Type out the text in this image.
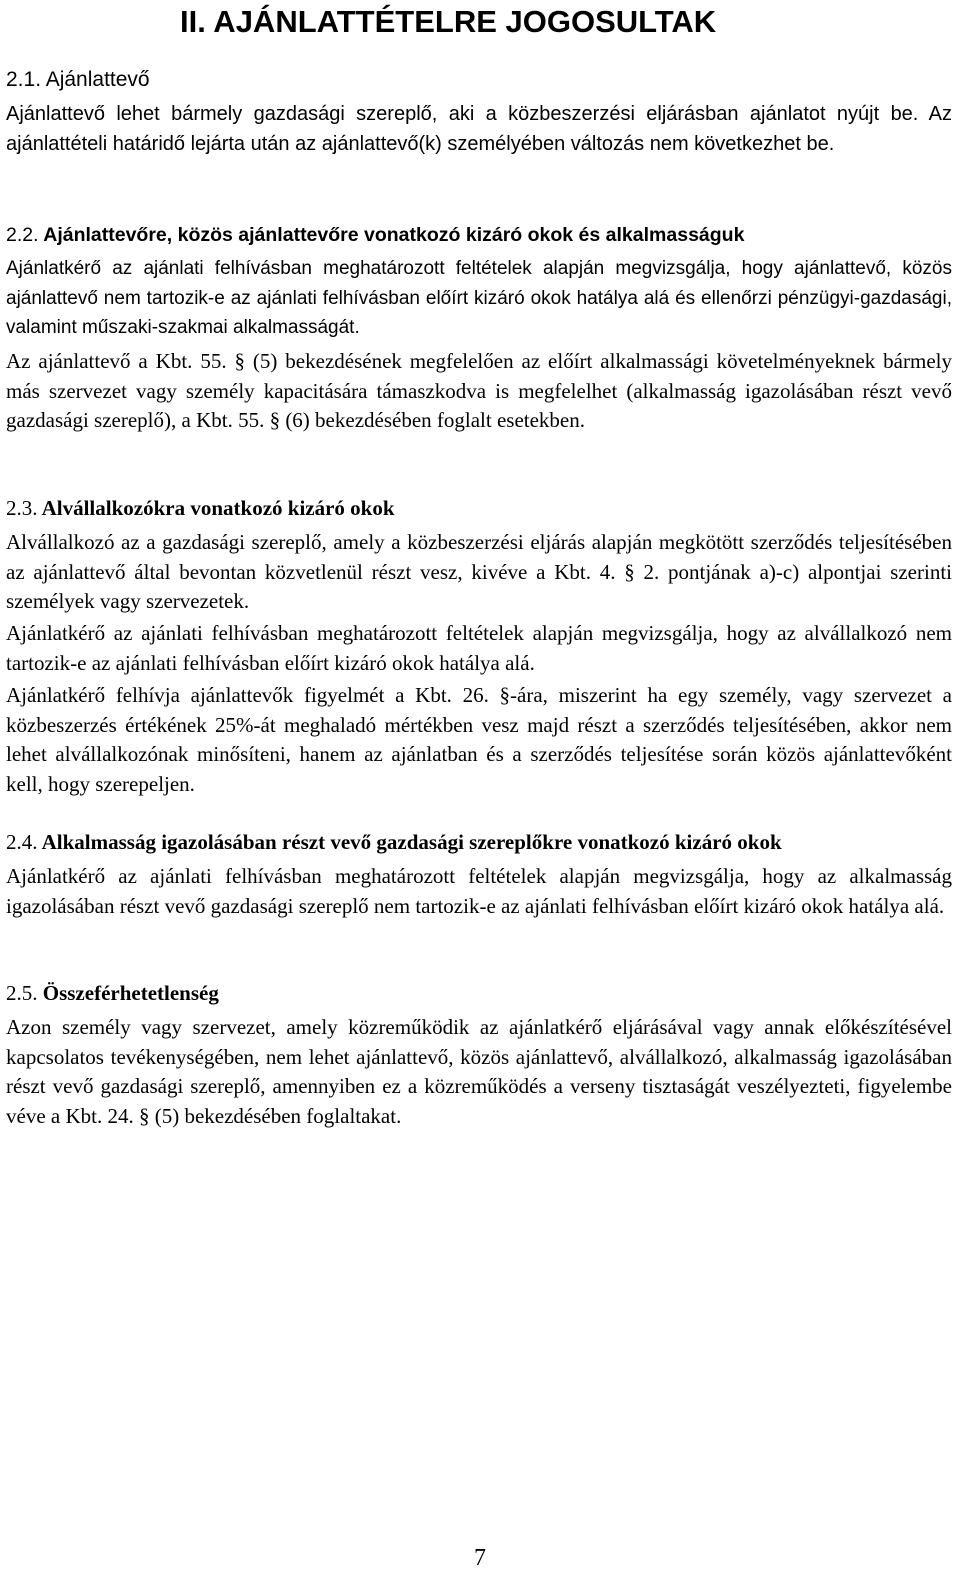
II. AJÁNLATTÉTELRE JOGOSULTAK
2.1. Ajánlattevő

Ajánlattevő lehet bármely gazdasági szereplő, aki a közbeszerzési eljárásban ajánlatot nyújt be. Az ajánlattételi határidő lejárta után az ajánlattevő(k) személyében változás nem következhet be.

2.2. Ajánlattevőre, közös ajánlattevőre vonatkozó kizáró okok és alkalmasságuk

Ajánlatkérő az ajánlati felhívásban meghatározott feltételek alapján megvizsgálja, hogy ajánlattevő, közös ajánlattevő nem tartozik-e az ajánlati felhívásban előírt kizáró okok hatálya alá és ellenőrzi pénzügyi-gazdasági, valamint műszaki-szakmai alkalmasságát.

Az ajánlattevő a Kbt. 55. § (5) bekezdésének megfelelően az előírt alkalmassági követelményeknek bármely más szervezet vagy személy kapacitására támaszkodva is megfelelhet (alkalmasság igazolásában részt vevő gazdasági szereplő), a Kbt. 55. § (6) bekezdésében foglalt esetekben.

2.3. Alvállalkozókra vonatkozó kizáró okok

Alvállalkozó az a gazdasági szereplő, amely a közbeszerzési eljárás alapján megkötött szerződés teljesítésében az ajánlattevő által bevontan közvetlenül részt vesz, kivéve a Kbt. 4. § 2. pontjának a)-c) alpontjai szerinti személyek vagy szervezetek.

Ajánlatkérő az ajánlati felhívásban meghatározott feltételek alapján megvizsgálja, hogy az alvállalkozó nem tartozik-e az ajánlati felhívásban előírt kizáró okok hatálya alá.

Ajánlatkérő felhívja ajánlattevők figyelmét a Kbt. 26. §-ára, miszerint ha egy személy, vagy szervezet a közbeszerzés értékének 25%-át meghaladó mértékben vesz majd részt a szerződés teljesítésében, akkor nem lehet alvállalkozónak minősíteni, hanem az ajánlatban és a szerződés teljesítése során közös ajánlattevőként kell, hogy szerepeljen.

2.4. Alkalmasság igazolásában részt vevő gazdasági szereplőkre vonatkozó kizáró okok

Ajánlatkérő az ajánlati felhívásban meghatározott feltételek alapján megvizsgálja, hogy az alkalmasság igazolásában részt vevő gazdasági szereplő nem tartozik-e az ajánlati felhívásban előírt kizáró okok hatálya alá.

2.5. Összeférhetetlenség

Azon személy vagy szervezet, amely közreműködik az ajánlatkérő eljárásával vagy annak előkészítésével kapcsolatos tevékenységében, nem lehet ajánlattevő, közös ajánlattevő, alvállalkozó, alkalmasság igazolásában részt vevő gazdasági szereplő, amennyiben ez a közreműködés a verseny tisztaságát veszélyezteti, figyelembe véve a Kbt. 24. § (5) bekezdésében foglaltakat.

7
